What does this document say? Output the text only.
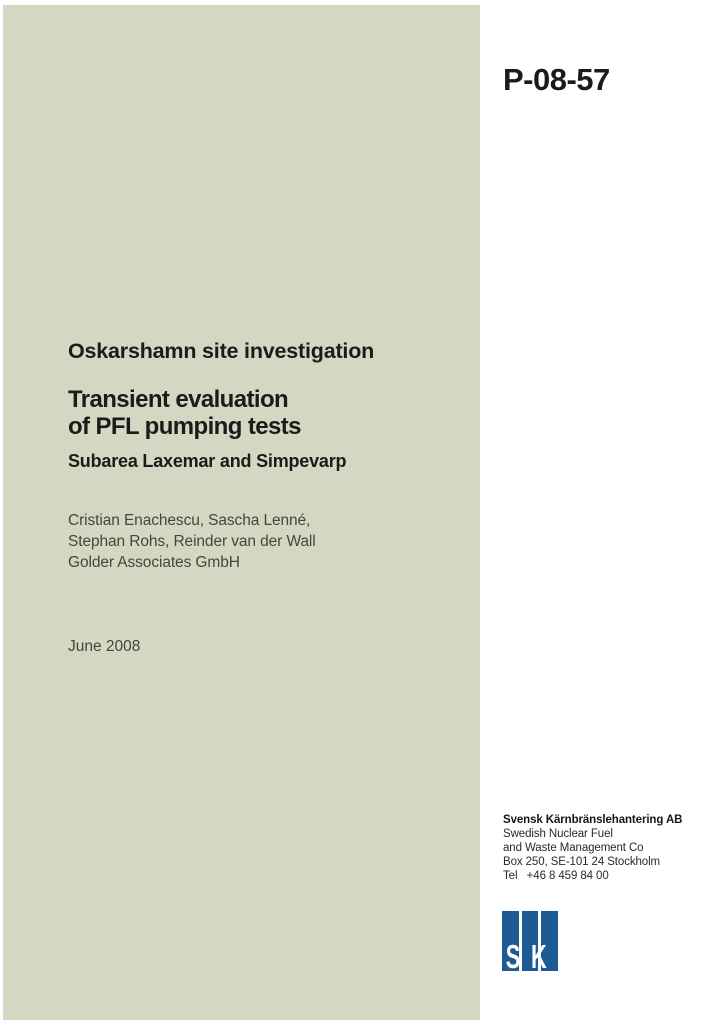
P-08-57
Oskarshamn site investigation
Transient evaluation
of PFL pumping tests
Subarea Laxemar and Simpevarp
Cristian Enachescu, Sascha Lenné,
Stephan Rohs, Reinder van der Wall
Golder Associates GmbH
June 2008
Svensk Kärnbränslehantering AB
Swedish Nuclear Fuel
and Waste Management Co
Box 250, SE-101 24 Stockholm
Tel   +46 8 459 84 00
S K B
